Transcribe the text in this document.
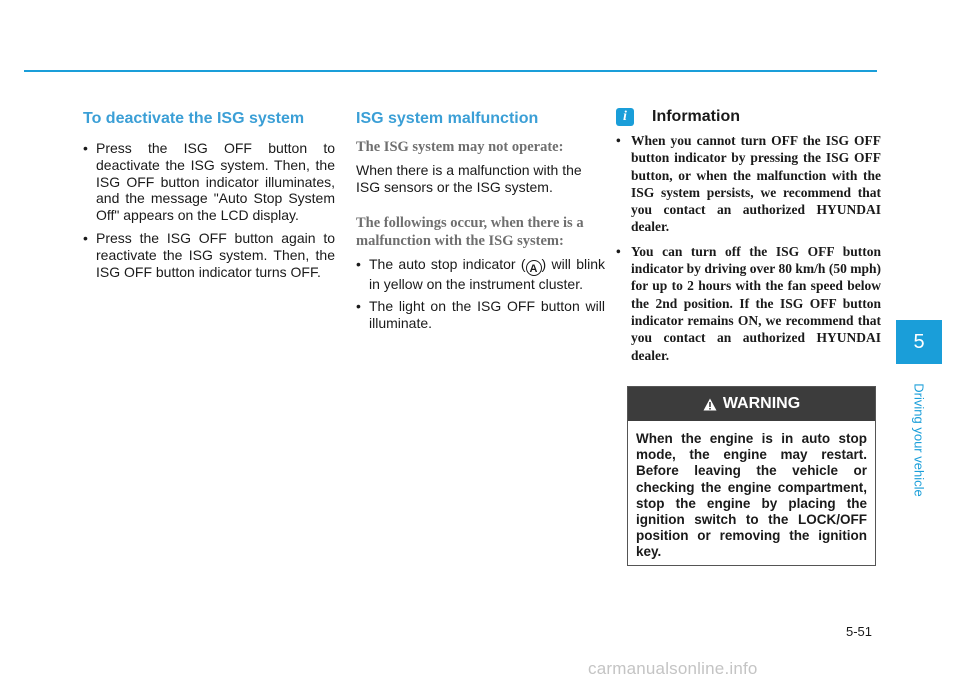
To deactivate the ISG system
• Press the ISG OFF button to deactivate the ISG system. Then, the ISG OFF button indicator illuminates, and the message "Auto Stop System Off" appears on the LCD display.
• Press the ISG OFF button again to reactivate the ISG system. Then, the ISG OFF button indicator turns OFF.
ISG system malfunction
The ISG system may not operate:

When there is a malfunction with the ISG sensors or the ISG system.

The followings occur, when there is a malfunction with the ISG system:
• The auto stop indicator ( A ) will blink in yellow on the instrument cluster.
• The light on the ISG OFF button will illuminate.
i	Information
• When you cannot turn OFF the ISG OFF button indicator by pressing the ISG OFF button, or when the malfunction with the ISG system persists, we recommend that you contact an authorized HYUNDAI dealer.
• You can turn off the ISG OFF button indicator by driving over 80 km/h (50 mph) for up to 2 hours with the fan speed below the 2nd position. If the ISG OFF button indicator remains ON, we recommend that you contact an authorized HYUNDAI dealer.
WARNING
When the engine is in auto stop mode, the engine may restart. Before leaving the vehicle or checking the engine compartment, stop the engine by placing the ignition switch to the LOCK/OFF position or removing the ignition key.
5
Driving your vehicle
5-51
carmanualsonline.info
